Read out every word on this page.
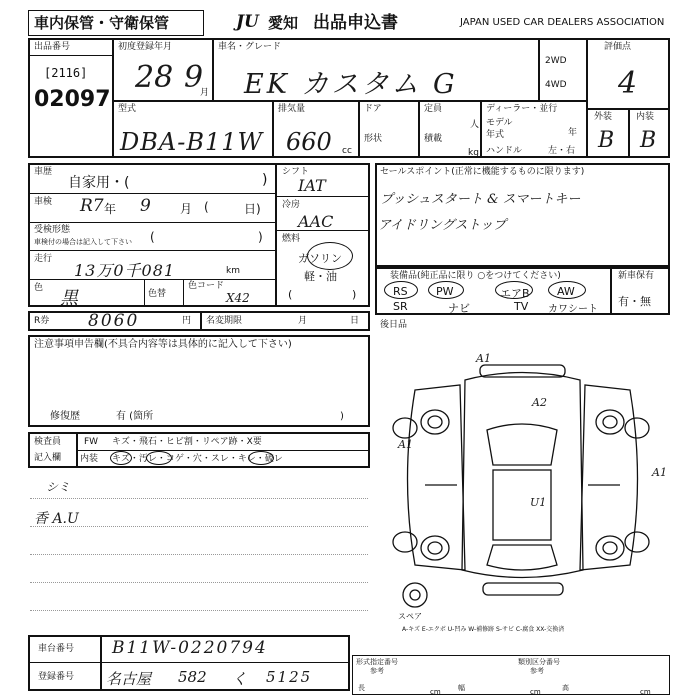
車内保管・守衛保管	JU 愛知 出品申込書	JAPAN USED CAR DEALERS ASSOCIATION
出品番号
[2116]
02097
初度登録年月
28 9
月
車名・グレード
EK カスタム G
2WD
4WD
評価点
4
型式
DBA-B11W
排気量
660 cc
ドア
形状
定員
人
積載
kg
ディーラー・並行
モデル
年式	年
ハンドル	左・右
外装	内装
B B
車歴
自家用・(	)
車検 R7 年 9 月 (	日)
受検形態
車検付の場合は記入して下さい (	)
走行
13万0千081	km
色 黒	色替
色コード
X42
シフト
IAT
冷房
AAC
燃料
ガソリン
軽・油
(	)
セールスポイント(正常に機能するものに限ります)
プッシュスタート & スマートキー
アイドリングストップ
装備品(純正品に限り ○をつけてください)	新車保有
有・無
RS	PW	エアB AW
SR	ナビ	TV カワシート
R券 8060	円 名変期限	月	日 後日品
注意事項申告欄(不具合内容等は具体的に記入して下さい)
修復歴	有 (箇所	)
検査員
記入欄
FW キズ・飛石・ヒビ割・リペア跡・X要
内装 キズ・汚レ・コゲ・穴・スレ・キレ・破レ
シミ
香 A.U
A1
A2
A1
A1
U1
スペア
A-キズ E-エクボ U-凹み W-補修跡 S-サビ C-腐食 XX-交換済
車台番号 B11W-0220794
登録番号 名古屋 582 く 5125
形式指定番号
参考
類別区分番号
参考
長	幅	高
cm	cm	cm
